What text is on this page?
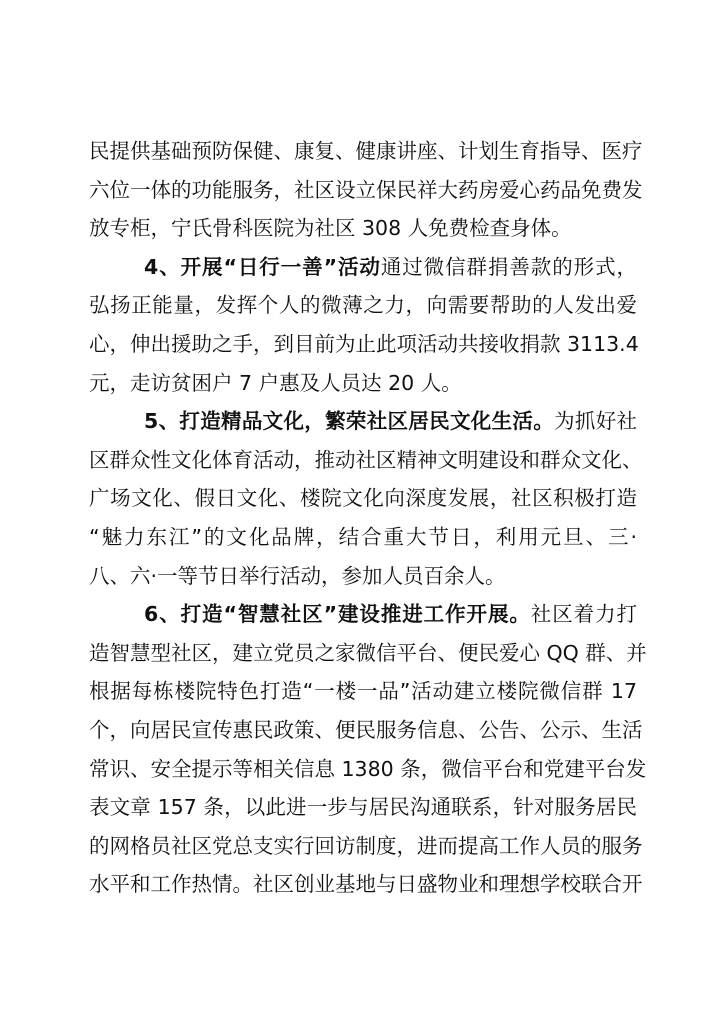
民提供基础预防保健、康复、健康讲座、计划生育指导、医疗
六位一体的功能服务，社区设立保民祥大药房爱心药品免费发
放专柜，宁氏骨科医院为社区 308 人免费检查身体。
4、开展“日行一善”活动通过微信群捐善款的形式，
弘扬正能量，发挥个人的微薄之力，向需要帮助的人发出爱
心，伸出援助之手，到目前为止此项活动共接收捐款 3113.4
元，走访贫困户 7 户惠及人员达 20 人。
5、打造精品文化，繁荣社区居民文化生活。为抓好社
区群众性文化体育活动，推动社区精神文明建设和群众文化、
广场文化、假日文化、楼院文化向深度发展，社区积极打造
“魅力东江”的文化品牌，结合重大节日，利用元旦、三·
八、六·一等节日举行活动，参加人员百余人。
6、打造“智慧社区”建设推进工作开展。社区着力打
造智慧型社区，建立党员之家微信平台、便民爱心 QQ 群、并
根据每栋楼院特色打造“一楼一品”活动建立楼院微信群 17
个，向居民宣传惠民政策、便民服务信息、公告、公示、生活
常识、安全提示等相关信息 1380 条，微信平台和党建平台发
表文章 157 条，以此进一步与居民沟通联系，针对服务居民
的网格员社区党总支实行回访制度，进而提高工作人员的服务
水平和工作热情。社区创业基地与日盛物业和理想学校联合开
